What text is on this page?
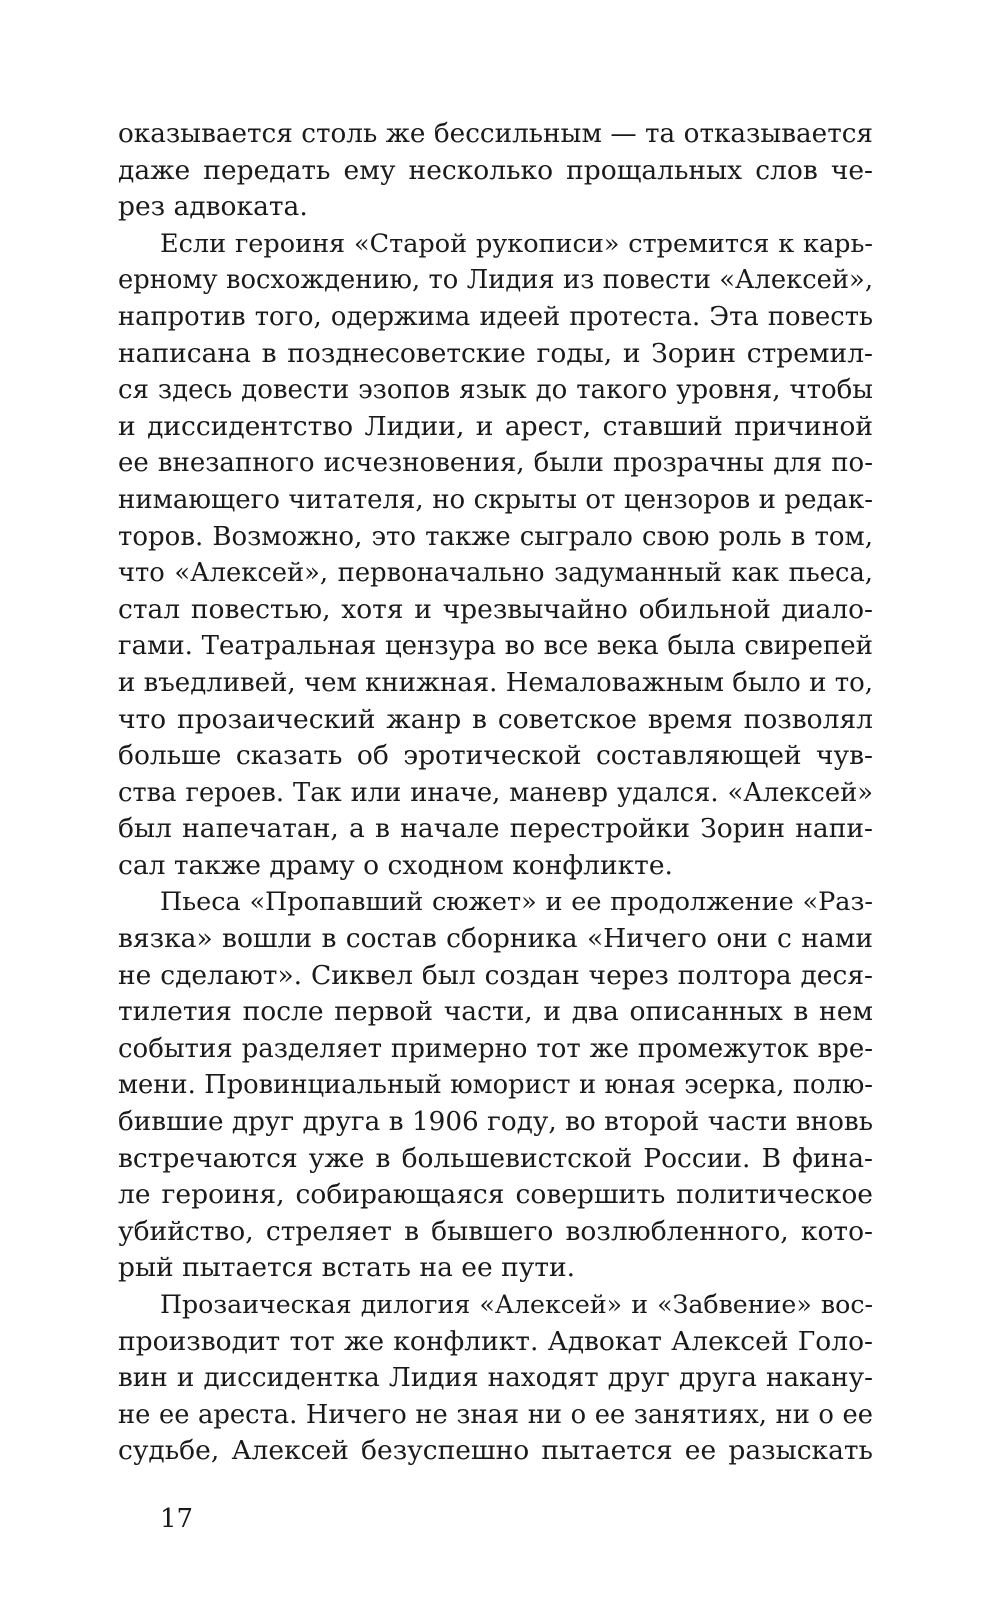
оказывается столь же бессильным — та отказывается
даже передать ему несколько прощальных слов че-
рез адвоката.
Если героиня «Старой рукописи» стремится к карь-
ерному восхождению, то Лидия из повести «Алексей»,
напротив того, одержима идеей протеста. Эта повесть
написана в позднесоветские годы, и Зорин стремил-
ся здесь довести эзопов язык до такого уровня, чтобы
и диссидентство Лидии, и арест, ставший причиной
ее внезапного исчезновения, были прозрачны для по-
нимающего читателя, но скрыты от цензоров и редак-
торов. Возможно, это также сыграло свою роль в том,
что «Алексей», первоначально задуманный как пьеса,
стал повестью, хотя и чрезвычайно обильной диало-
гами. Театральная цензура во все века была свирепей
и въедливей, чем книжная. Немаловажным было и то,
что прозаический жанр в советское время позволял
больше сказать об эротической составляющей чув-
ства героев. Так или иначе, маневр удался. «Алексей»
был напечатан, а в начале перестройки Зорин напи-
сал также драму о сходном конфликте.
Пьеса «Пропавший сюжет» и ее продолжение «Раз-
вязка» вошли в состав сборника «Ничего они с нами
не сделают». Сиквел был создан через полтора деся-
тилетия после первой части, и два описанных в нем
события разделяет примерно тот же промежуток вре-
мени. Провинциальный юморист и юная эсерка, полю-
бившие друг друга в 1906 году, во второй части вновь
встречаются уже в большевистской России. В фина-
ле героиня, собирающаяся совершить политическое
убийство, стреляет в бывшего возлюбленного, кото-
рый пытается встать на ее пути.
Прозаическая дилогия «Алексей» и «Забвение» вос-
производит тот же конфликт. Адвокат Алексей Голо-
вин и диссидентка Лидия находят друг друга накану-
не ее ареста. Ничего не зная ни о ее занятиях, ни о ее
судьбе, Алексей безуспешно пытается ее разыскать
17
